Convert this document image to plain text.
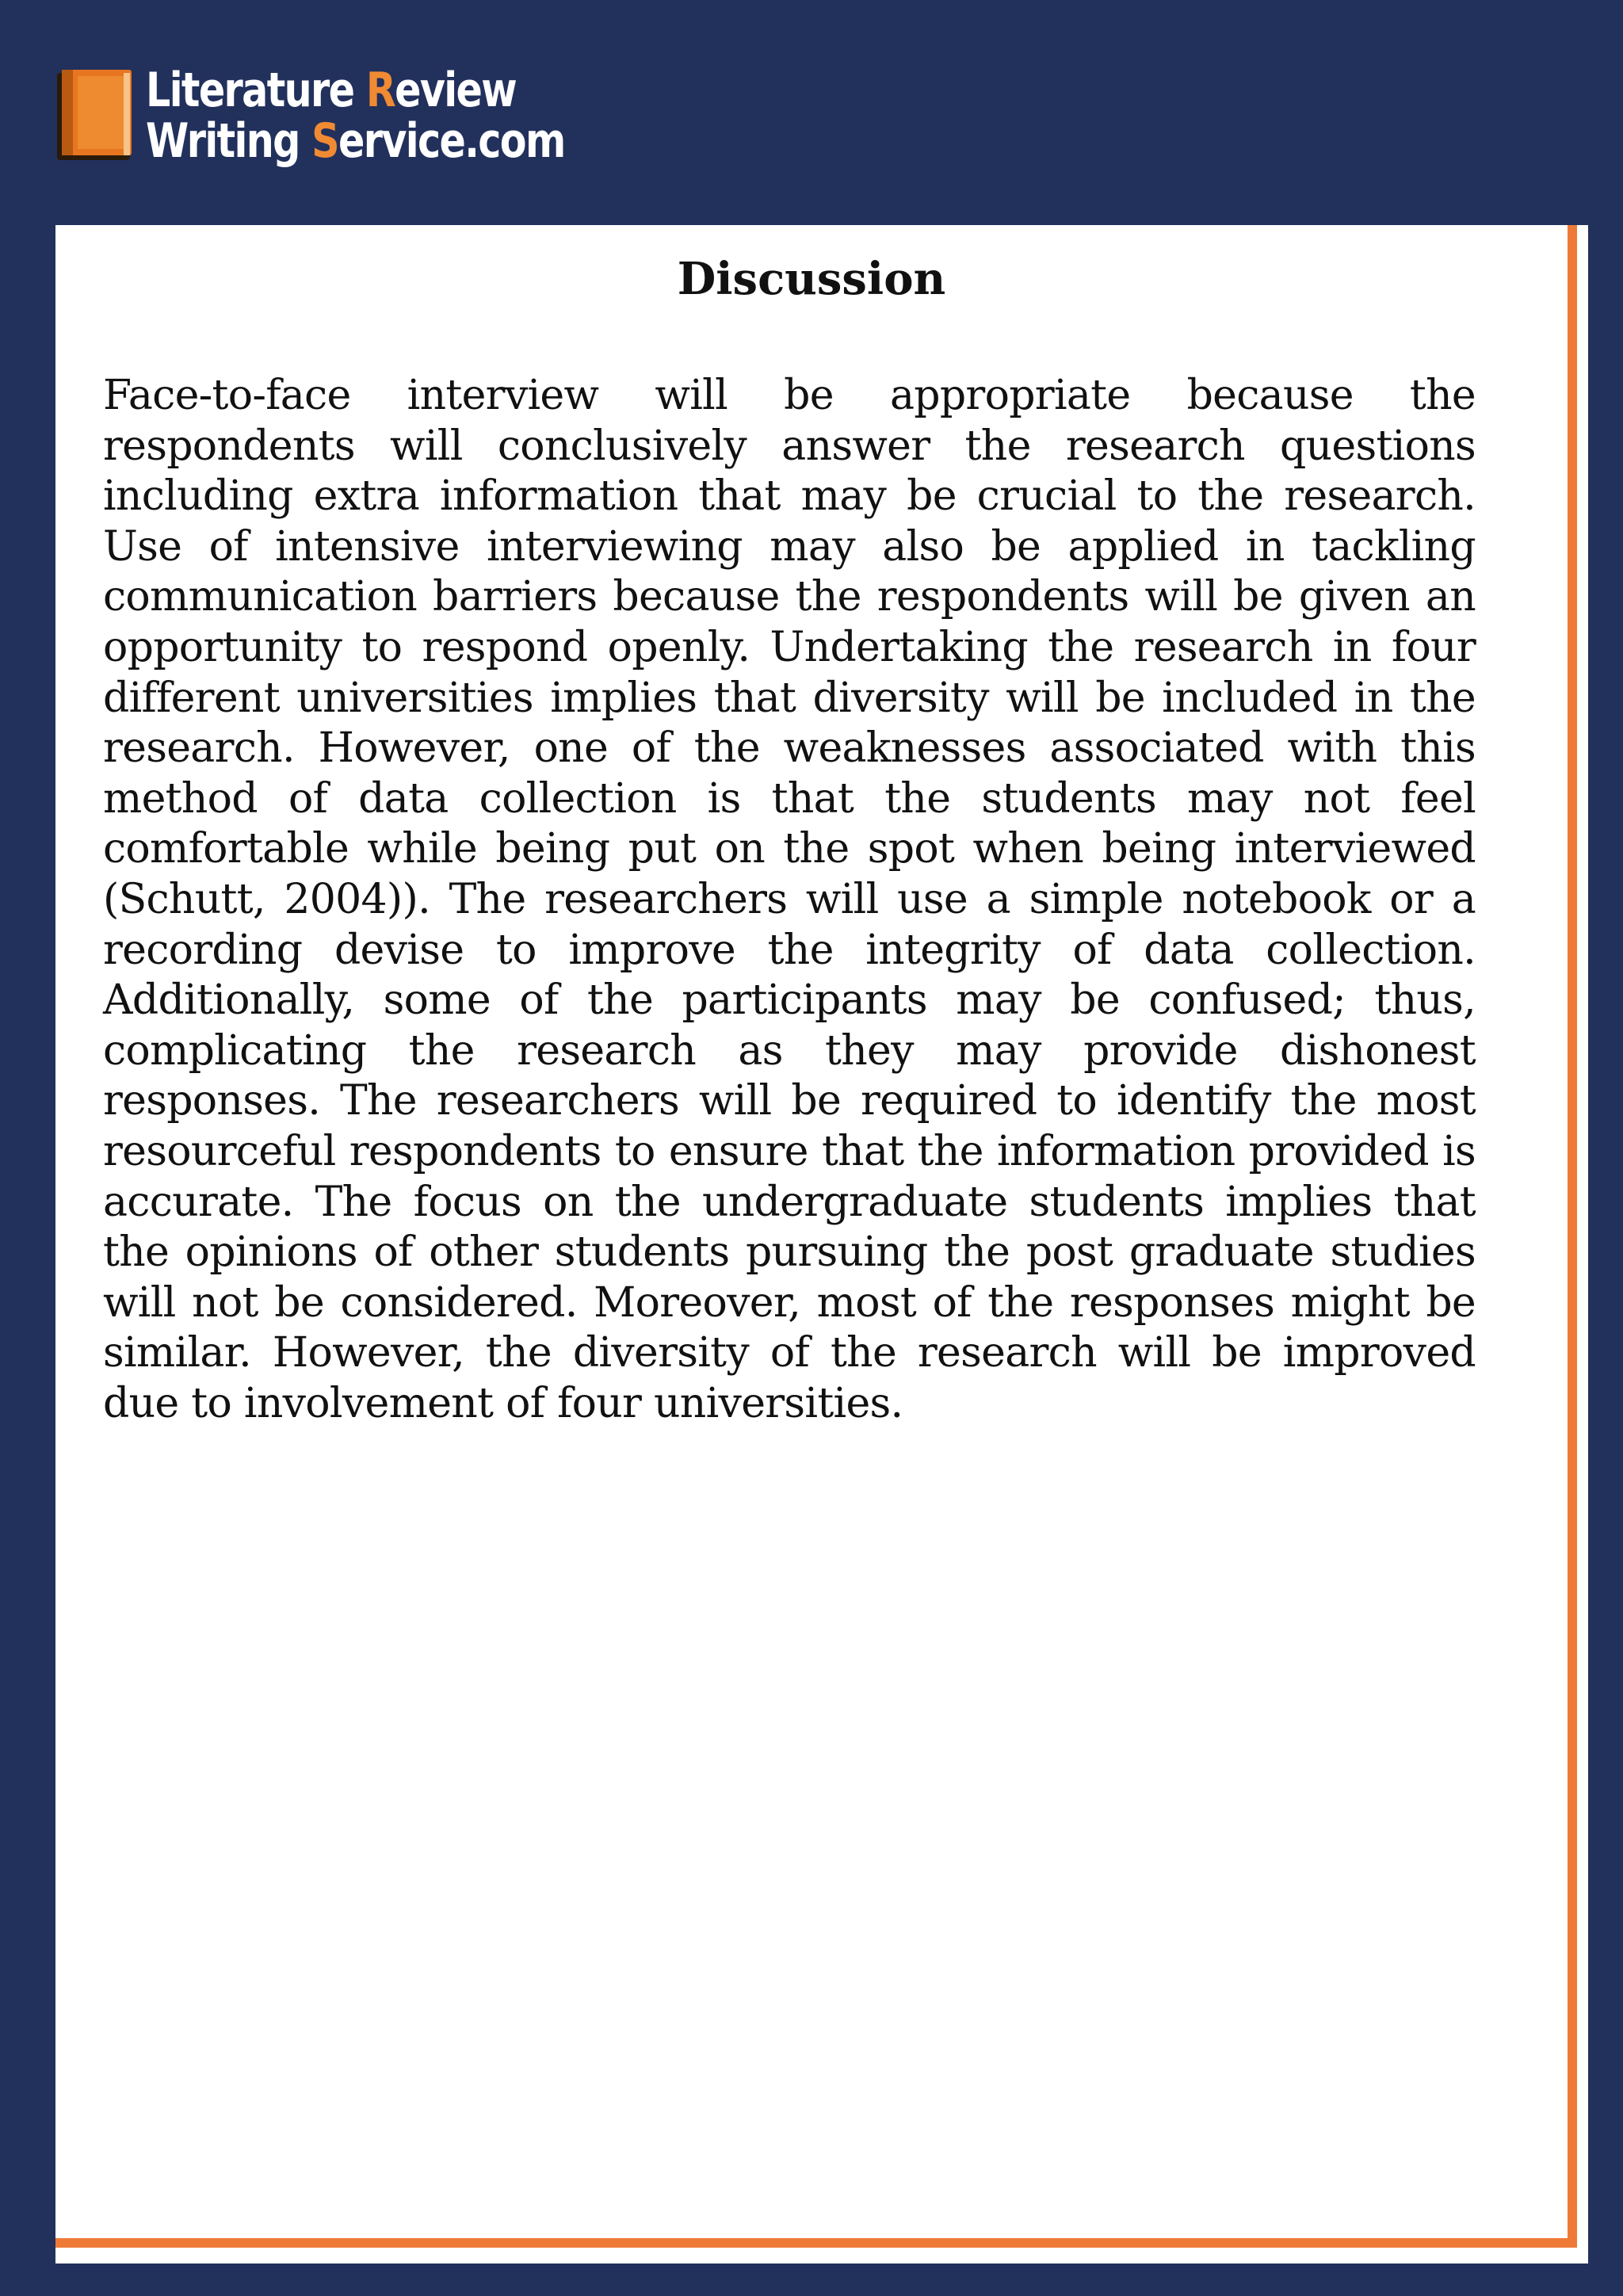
Literature Review
Writing Service.com
Discussion

Face-to-face interview will be appropriate because the respondents will conclusively answer the research questions including extra information that may be crucial to the research. Use of intensive interviewing may also be applied in tackling communication barriers because the respondents will be given an opportunity to respond openly. Undertaking the research in four different universities implies that diversity will be included in the research. However, one of the weaknesses associated with this method of data collection is that the students may not feel comfortable while being put on the spot when being interviewed (Schutt, 2004)). The researchers will use a simple notebook or a recording devise to improve the integrity of data collection. Additionally, some of the participants may be confused; thus, complicating the research as they may provide dishonest responses. The researchers will be required to identify the most resourceful respondents to ensure that the information provided is accurate. The focus on the undergraduate students implies that the opinions of other students pursuing the post graduate studies will not be considered. Moreover, most of the responses might be similar. However, the diversity of the research will be improved due to involvement of four universities.
